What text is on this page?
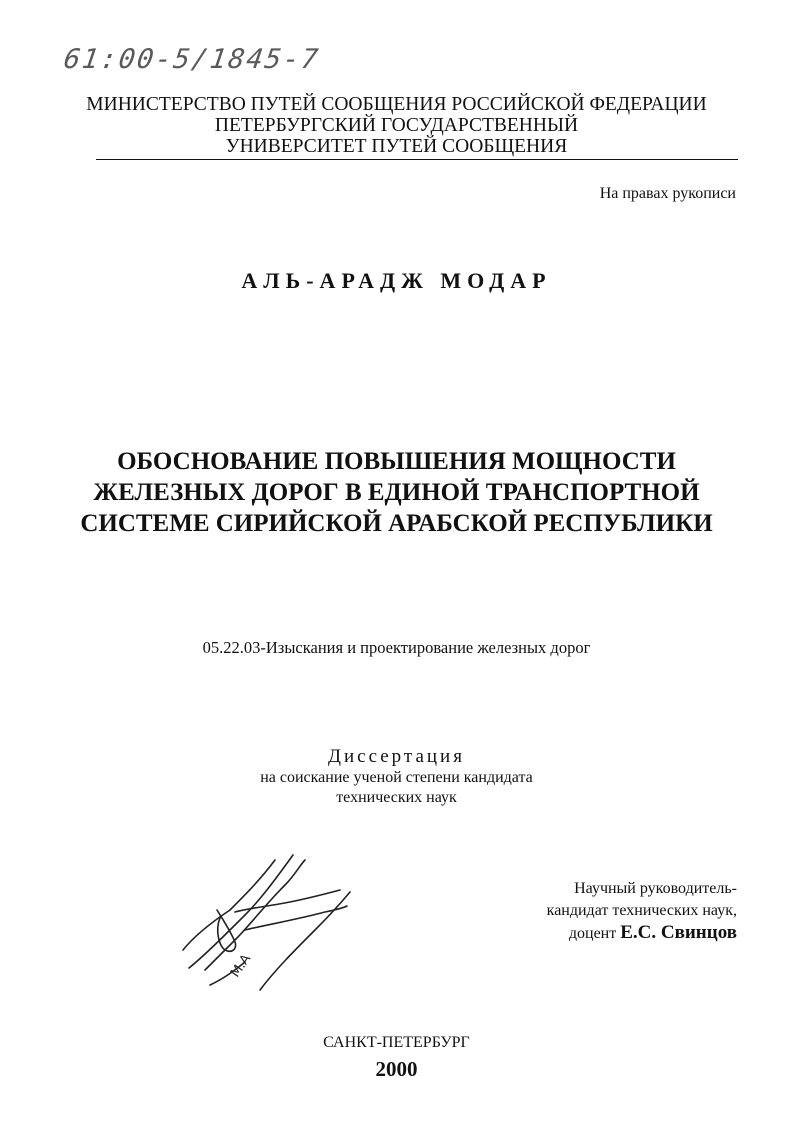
61:00-5/1845-7
МИНИСТЕРСТВО ПУТЕЙ СООБЩЕНИЯ РОССИЙСКОЙ ФЕДЕРАЦИИ
ПЕТЕРБУРГСКИЙ ГОСУДАРСТВЕННЫЙ
УНИВЕРСИТЕТ ПУТЕЙ СООБЩЕНИЯ
На правах рукописи
АЛЬ-АРАДЖ МОДАР
ОБОСНОВАНИЕ ПОВЫШЕНИЯ МОЩНОСТИ
ЖЕЛЕЗНЫХ ДОРОГ В ЕДИНОЙ ТРАНСПОРТНОЙ
СИСТЕМЕ СИРИЙСКОЙ АРАБСКОЙ РЕСПУБЛИКИ
05.22.03-Изыскания и проектирование железных дорог
Диссертация
на соискание ученой степени кандидата
технических наук
М.А
Научный руководитель-
кандидат технических наук,
доцент Е.С. Свинцов
САНКТ-ПЕТЕРБУРГ
2000
